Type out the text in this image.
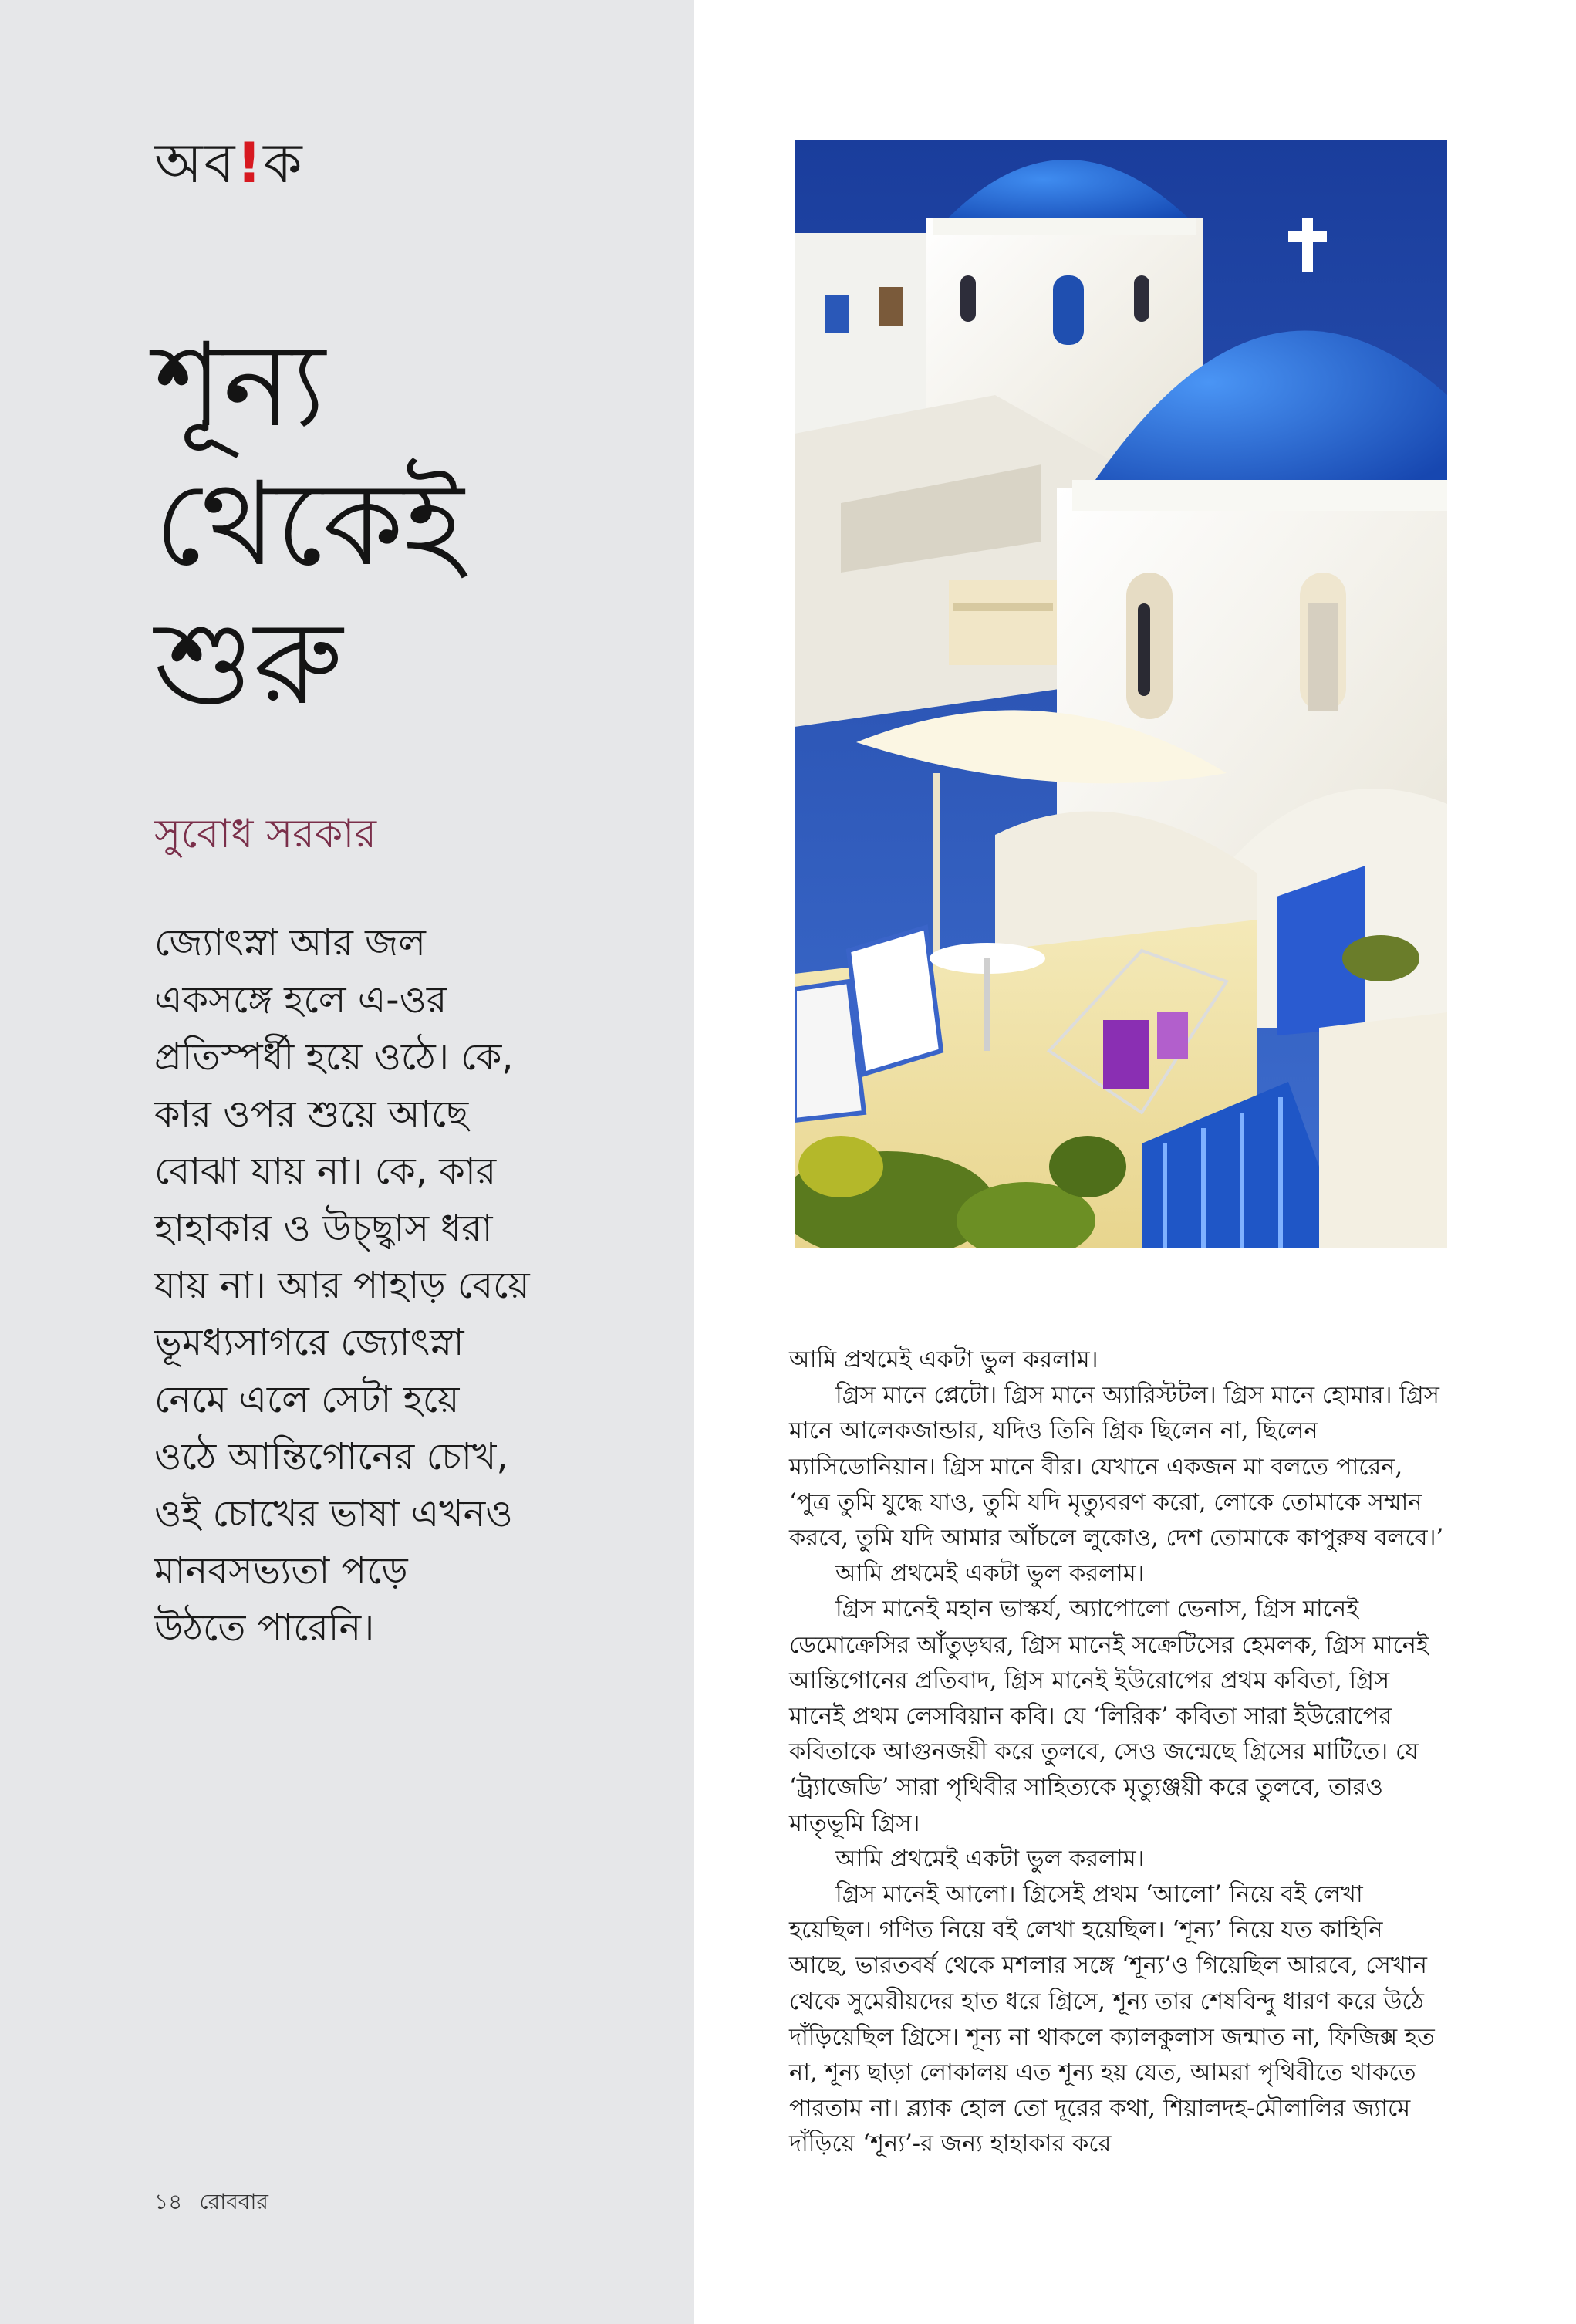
অব!ক
শূন্য
থেকেই
শুরু
সুবোধ সরকার
জ্যোৎস্না আর জল
একসঙ্গে হলে এ-ওর
প্রতিস্পর্ধী হয়ে ওঠে। কে,
কার ওপর শুয়ে আছে
বোঝা যায় না। কে, কার
হাহাকার ও উচ্ছ্বাস ধরা
যায় না। আর পাহাড় বেয়ে
ভূমধ্যসাগরে জ্যোৎস্না
নেমে এলে সেটা হয়ে
ওঠে আন্তিগোনের চোখ,
ওই চোখের ভাষা এখনও
মানবসভ্যতা পড়ে
উঠতে পারেনি।
১৪ রোববার

আমি প্রথমেই একটা ভুল করলাম।

গ্রিস মানে প্লেটো। গ্রিস মানে অ্যারিস্টটল। গ্রিস মানে হোমার। গ্রিস মানে আলেকজান্ডার, যদিও তিনি গ্রিক ছিলেন না, ছিলেন ম্যাসিডোনিয়ান। গ্রিস মানে বীর। যেখানে একজন মা বলতে পারেন, ‘পুত্র তুমি যুদ্ধে যাও, তুমি যদি মৃত্যুবরণ করো, লোকে তোমাকে সম্মান করবে, তুমি যদি আমার আঁচলে লুকোও, দেশ তোমাকে কাপুরুষ বলবে।’

আমি প্রথমেই একটা ভুল করলাম।

গ্রিস মানেই মহান ভাস্কর্য, অ্যাপোলো ভেনাস, গ্রিস মানেই ডেমোক্রেসির আঁতুড়ঘর, গ্রিস মানেই সক্রেটিসের হেমলক, গ্রিস মানেই আন্তিগোনের প্রতিবাদ, গ্রিস মানেই ইউরোপের প্রথম কবিতা, গ্রিস মানেই প্রথম লেসবিয়ান কবি। যে ‘লিরিক’ কবিতা সারা ইউরোপের কবিতাকে আগুনজয়ী করে তুলবে, সেও জন্মেছে গ্রিসের মাটিতে। যে ‘ট্র্যাজেডি’ সারা পৃথিবীর সাহিত্যকে মৃত্যুঞ্জয়ী করে তুলবে, তারও মাতৃভূমি গ্রিস।

আমি প্রথমেই একটা ভুল করলাম।

গ্রিস মানেই আলো। গ্রিসেই প্রথম ‘আলো’ নিয়ে বই লেখা হয়েছিল। গণিত নিয়ে বই লেখা হয়েছিল। ‘শূন্য’ নিয়ে যত কাহিনি আছে, ভারতবর্ষ থেকে মশলার সঙ্গে ‘শূন্য’ও গিয়েছিল আরবে, সেখান থেকে সুমেরীয়দের হাত ধরে গ্রিসে, শূন্য তার শেষবিন্দু ধারণ করে উঠে দাঁড়িয়েছিল গ্রিসে। শূন্য না থাকলে ক্যালকুলাস জন্মাত না, ফিজিক্স হত না, শূন্য ছাড়া লোকালয় এত শূন্য হয় যেত, আমরা পৃথিবীতে থাকতে পারতাম না। ব্ল্যাক হোল তো দূরের কথা, শিয়ালদহ-মৌলালির জ্যামে দাঁড়িয়ে ‘শূন্য’-র জন্য হাহাকার করে
